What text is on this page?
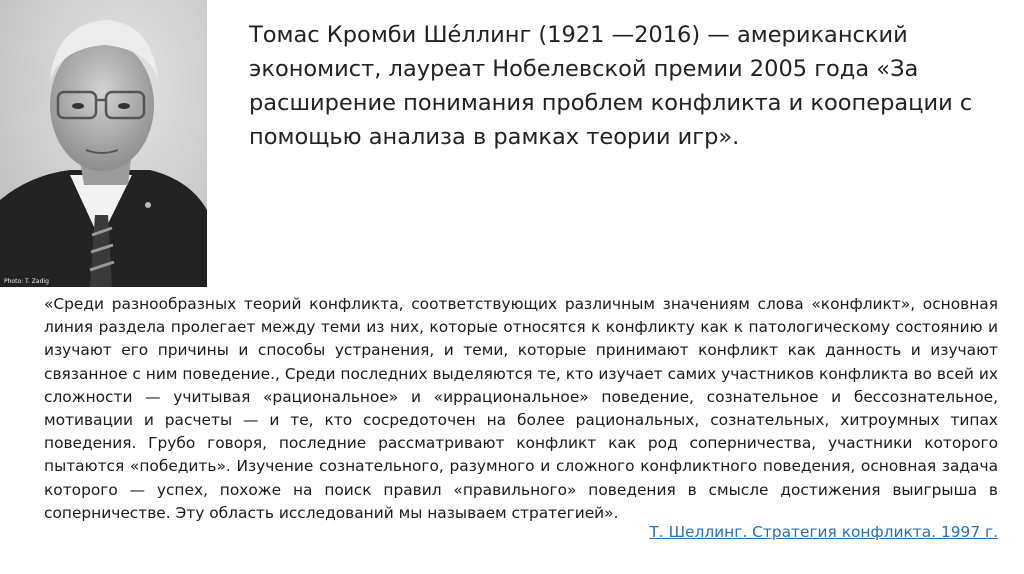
Photo: T. Zadig

Томас Кромби Ше́ллинг (1921 —2016) — американский экономист, лауреат Нобелевской премии 2005 года «За расширение понимания проблем конфликта и кооперации с помощью анализа в рамках теории игр».

«Среди разнообразных теорий конфликта, соответствующих различным значениям слова «конфликт», основная линия раздела пролегает между теми из них, которые относятся к конфликту как к патологическому состоянию и изучают его причины и способы устранения, и теми, которые принимают конфликт как данность и изучают связанное с ним поведение., Среди последних выделяются те, кто изучает самих участников конфликта во всей их сложности — учитывая «рациональное» и «иррациональное» поведение, сознательное и бессознательное, мотивации и расчеты — и те, кто сосредоточен на более рациональных, сознательных, хитроумных типах поведения. Грубо говоря, последние рассматривают конфликт как род соперничества, участники которого пытаются «победить». Изучение сознательного, разумного и сложного конфликтного поведения, основная задача которого — успех, похоже на поиск правил «правильного» поведения в смысле достижения выигрыша в соперничестве. Эту область исследований мы называем стратегией».

Т. Шеллинг. Стратегия конфликта. 1997 г.
